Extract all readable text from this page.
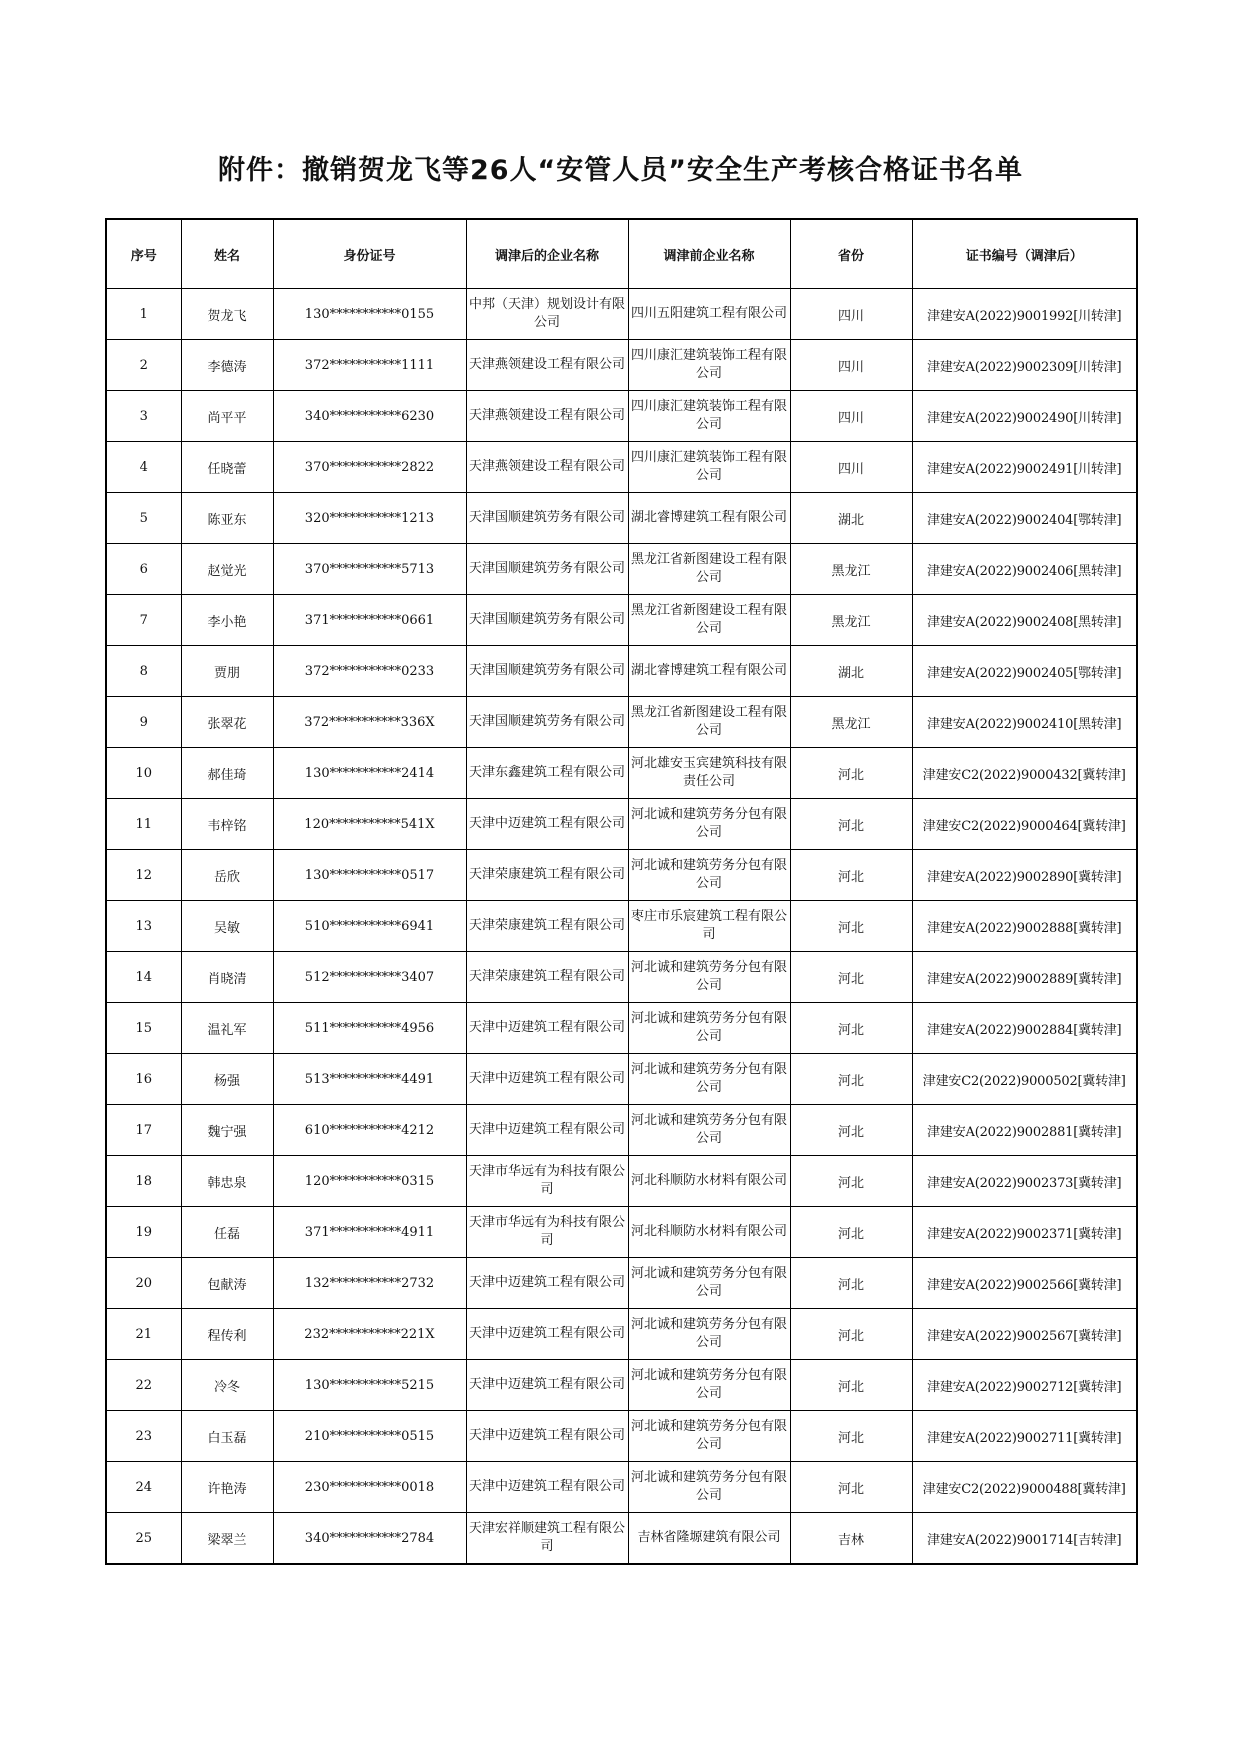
附件：撤销贺龙飞等26人“安管人员”安全生产考核合格证书名单
序号	姓名	身份证号	调津后的企业名称	调津前企业名称	省份	证书编号（调津后）
1	贺龙飞	130***********0155	中邦（天津）规划设计有限公司	四川五阳建筑工程有限公司	四川	津建安A(2022)9001992[川转津]
2	李德涛	372***********1111	天津燕领建设工程有限公司	四川康汇建筑装饰工程有限公司	四川	津建安A(2022)9002309[川转津]
3	尚平平	340***********6230	天津燕领建设工程有限公司	四川康汇建筑装饰工程有限公司	四川	津建安A(2022)9002490[川转津]
4	任晓蕾	370***********2822	天津燕领建设工程有限公司	四川康汇建筑装饰工程有限公司	四川	津建安A(2022)9002491[川转津]
5	陈亚东	320***********1213	天津国顺建筑劳务有限公司	湖北睿博建筑工程有限公司	湖北	津建安A(2022)9002404[鄂转津]
6	赵觉光	370***********5713	天津国顺建筑劳务有限公司	黑龙江省新图建设工程有限公司	黑龙江	津建安A(2022)9002406[黑转津]
7	李小艳	371***********0661	天津国顺建筑劳务有限公司	黑龙江省新图建设工程有限公司	黑龙江	津建安A(2022)9002408[黑转津]
8	贾朋	372***********0233	天津国顺建筑劳务有限公司	湖北睿博建筑工程有限公司	湖北	津建安A(2022)9002405[鄂转津]
9	张翠花	372***********336X	天津国顺建筑劳务有限公司	黑龙江省新图建设工程有限公司	黑龙江	津建安A(2022)9002410[黑转津]
10	郝佳琦	130***********2414	天津东鑫建筑工程有限公司	河北雄安玉宾建筑科技有限责任公司	河北	津建安C2(2022)9000432[冀转津]
11	韦梓铭	120***********541X	天津中迈建筑工程有限公司	河北诚和建筑劳务分包有限公司	河北	津建安C2(2022)9000464[冀转津]
12	岳欣	130***********0517	天津荣康建筑工程有限公司	河北诚和建筑劳务分包有限公司	河北	津建安A(2022)9002890[冀转津]
13	吴敏	510***********6941	天津荣康建筑工程有限公司	枣庄市乐宸建筑工程有限公司	河北	津建安A(2022)9002888[冀转津]
14	肖晓清	512***********3407	天津荣康建筑工程有限公司	河北诚和建筑劳务分包有限公司	河北	津建安A(2022)9002889[冀转津]
15	温礼军	511***********4956	天津中迈建筑工程有限公司	河北诚和建筑劳务分包有限公司	河北	津建安A(2022)9002884[冀转津]
16	杨强	513***********4491	天津中迈建筑工程有限公司	河北诚和建筑劳务分包有限公司	河北	津建安C2(2022)9000502[冀转津]
17	魏宁强	610***********4212	天津中迈建筑工程有限公司	河北诚和建筑劳务分包有限公司	河北	津建安A(2022)9002881[冀转津]
18	韩忠泉	120***********0315	天津市华远有为科技有限公司	河北科顺防水材料有限公司	河北	津建安A(2022)9002373[冀转津]
19	任磊	371***********4911	天津市华远有为科技有限公司	河北科顺防水材料有限公司	河北	津建安A(2022)9002371[冀转津]
20	包献涛	132***********2732	天津中迈建筑工程有限公司	河北诚和建筑劳务分包有限公司	河北	津建安A(2022)9002566[冀转津]
21	程传利	232***********221X	天津中迈建筑工程有限公司	河北诚和建筑劳务分包有限公司	河北	津建安A(2022)9002567[冀转津]
22	冷冬	130***********5215	天津中迈建筑工程有限公司	河北诚和建筑劳务分包有限公司	河北	津建安A(2022)9002712[冀转津]
23	白玉磊	210***********0515	天津中迈建筑工程有限公司	河北诚和建筑劳务分包有限公司	河北	津建安A(2022)9002711[冀转津]
24	许艳涛	230***********0018	天津中迈建筑工程有限公司	河北诚和建筑劳务分包有限公司	河北	津建安C2(2022)9000488[冀转津]
25	梁翠兰	340***********2784	天津宏祥顺建筑工程有限公司	吉林省隆塬建筑有限公司	吉林	津建安A(2022)9001714[吉转津]
